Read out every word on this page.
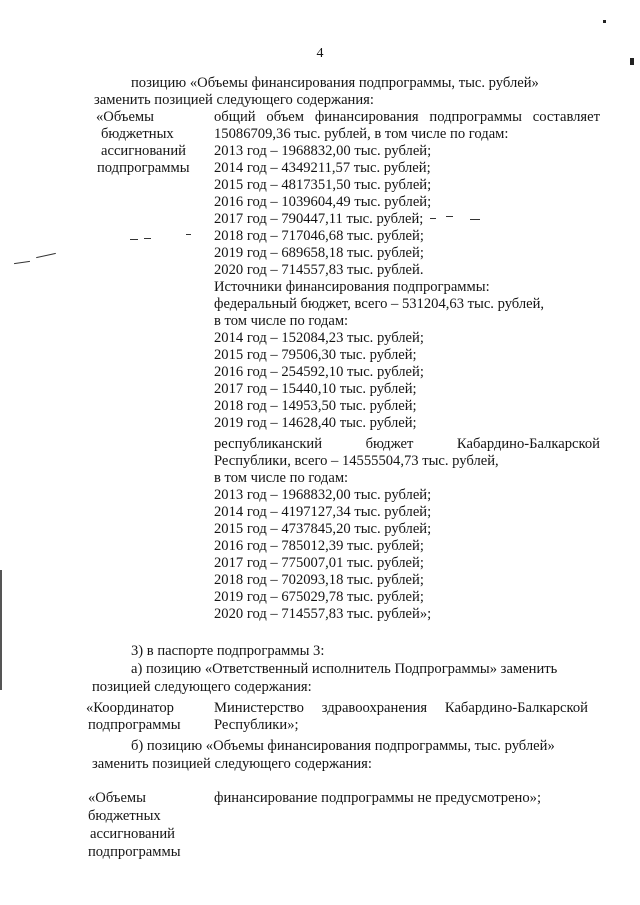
4
позицию «Объемы финансирования подпрограммы, тыс. рублей»
заменить позицией следующего содержания:
«Объемы
бюджетных
ассигнований
подпрограммы
общий объем финансирования подпрограммы составляет
15086709,36 тыс. рублей, в том числе по годам:
2013 год – 1968832,00 тыс. рублей;
2014 год – 4349211,57 тыс. рублей;
2015 год – 4817351,50 тыс. рублей;
2016 год – 1039604,49 тыс. рублей;
2017 год – 790447,11 тыс. рублей;
2018 год – 717046,68 тыс. рублей;
2019 год – 689658,18 тыс. рублей;
2020 год – 714557,83 тыс. рублей.
Источники финансирования подпрограммы:
федеральный бюджет, всего – 531204,63 тыс. рублей,
в том числе по годам:
2014 год – 152084,23 тыс. рублей;
2015 год – 79506,30 тыс. рублей;
2016 год – 254592,10 тыс. рублей;
2017 год – 15440,10 тыс. рублей;
2018 год – 14953,50 тыс. рублей;
2019 год – 14628,40 тыс. рублей;
республиканский	бюджет	Кабардино-Балкарской
Республики, всего – 14555504,73 тыс. рублей,
в том числе по годам:
2013 год – 1968832,00 тыс. рублей;
2014 год – 4197127,34 тыс. рублей;
2015 год – 4737845,20 тыс. рублей;
2016 год – 785012,39 тыс. рублей;
2017 год – 775007,01 тыс. рублей;
2018 год – 702093,18 тыс. рублей;
2019 год – 675029,78 тыс. рублей;
2020 год – 714557,83 тыс. рублей»;
3) в паспорте подпрограммы 3:
а) позицию «Ответственный исполнитель Подпрограммы» заменить
позицией следующего содержания:
«Координатор
подпрограммы
Министерство здравоохранения Кабардино-Балкарской
Республики»;
б) позицию «Объемы финансирования подпрограммы, тыс. рублей»
заменить позицией следующего содержания:
«Объемы
бюджетных
ассигнований
подпрограммы
финансирование подпрограммы не предусмотрено»;
